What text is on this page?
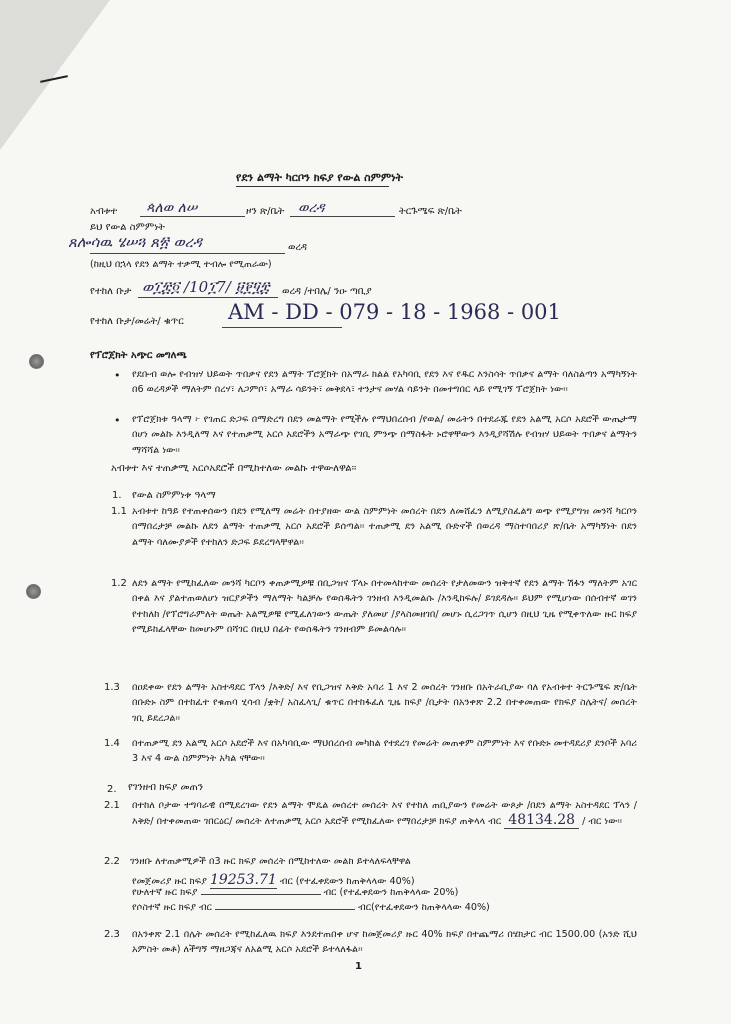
የደን ልማት ካርቦን ክፍያ የውል ስምምነት
አብቱተ ጳለወ ለሠ	ዞን ጽ/ቤት ወረዳ	ትርጉሜፍ ጽ/ቤት
ይህ የውል ስምምነት
ጸሎሳዉ ሄሠጓ ጸ፳ ወረዳ	ወረዳ
(ከዚህ በኋላ የደን ልማት ተቃሚ ተብሎ የሚጠራው)
የተከለ ቡታ ወ፲፰፬ /10፲7/ ፱፻፶፰ ወረዳ /ተበሌ/ ንዑ ጣቢያ
የተከለ ቡታ/መሬት/ ቁጥር AM - DD - 079 - 18 - 1968 - 001
የፕሮጀክት አጭር መግለጫ
• የደቡብ ወሎ የብዝሃ ህይወት ጥበቃና የደን ልማት ፕሮጀክት በአማራ ክልል የአካባቢ የደን እና የዱር እንስሳት ጥበቃና ልማት ባለስልጣን አማካኝነት በ6 ወረዳዎች ማለትም በረሃ፣ ለጋምቦ፣ አማራ ሳይንት፣ መቅደላ፣ ተንታና መሃል ሳይንት በመተግበር ላይ የሚገኝ ፕሮጀክት ነው፡፡
• የፕሮጀክቱ ዓላማ ፦ የገጠር ድጋፍ በማድረግ በደን መልማት የሚችሉ የማህበረሰብ /የወል/ መሬትን በተደራጁ የደን አልሚ አርሶ አደሮች ውጤታማ በሆነ መልኩ እንዲለማ እና የተጠቃሚ አርሶ አደሮችን አማራጭ የገቢ ምንጭ በማስፋት ኑሮዋቸውን እንዲያሻሽሉ የብዝሃ ህይወት ጥበቃና ልማትን ማሻሻል ነው፡፡
አብቱተ እና ተጠቃሚ አርሶአደሮች በሚከተለው መልኩ ተዋውለዋል፡፡
1. የውል ስምምነቱ ዓላማ
1.1 አብቱተ ከዓይ የተጠቀሰውን በደን የሚለማ መሬት በተያዘው ውል ስምምነት መሰረት በደን ለመሸፈን ለሚያስፈልግ ወጭ የሚያግዝ መንሻ ካርቦን በማበረታቻ መልኩ ለደን ልማት ተጠቃሚ አርሶ አደሮች ይሰጣል፡፡ ተጠቃሚ ደን አልሚ ቡድኖች በወረዳ ማስተባበሪያ ጽ/ቤት አማካኝነት በደን ልማት ባለሙያዎች የተከለን ድጋፍ ይደረግላቸዋል፡፡
1.2 ለደን ልማት የሚከፈለው መንሻ ካርቦን ቀጠቃሚዎቹ በቢጋዝና ፕላኑ በተመላከተው መሰረት የታለመውን ዝቅተኛ የደን ልማት ሽፋን ማለትም አገር በቀል እና ያልተጠወለሆነ ዝርያዎችን ማለማት ካልቻሉ የወሰዱትን ገንዘብ እንዲመልሱ /እንዲከፍሉ/ ይገደዳሉ፡፡ ይህም የሚሆነው በሰብተኛ ወገን የተከለከ /የፕሮግራምለት ወጤት አልሚዎቹ የሚፈለገውን ውጤት ያለመሆ /ያላስመዘገበ/ መሆኑ ሲረጋገጥ ሲሆን በዚህ ጊዜ የሚቀጥለው ዙር ክፍያ የሚይከፈላቸው ከመሆኑም በሻገር በዚህ በፊት የወሰዱትን ገንዘብም ይመልሳሉ፡፡
1.3 በዐደቀው የደን ልማት አስተዳደር ፕላን /እቅድ/ እና የቢጋዝና እቅድ አባሪ 1 እና 2 መሰረት ገንዘቡ በአትራቢያው ባለ የአብቱተ ትርጉሜፍ ጽ/ቤት በቡድኑ ስም በተከፈተ የቁጠባ ሂሳብ /ቋት/ አስፈላጊ/ ቁጥር በተከፋፈለ ጊዜ ክፍያ /ቢታት በአንቀጽ 2.2 በተቀመጠው የክፍያ ስሌትና/ መሰረት ገቢ ይደረጋል፡፡
1.4 በተጠቃሚ ደን አልሚ አርሶ አደሮች እና በአካባቢው ማህበረሰብ መካከል የተደረገ የመሬት መጠቀም ስምምነት እና የቡድኑ መተዳደሪያ ደንቦች አባሪ 3 እና 4 ውል ስምምነት አካል ናቸው፡፡
2. የገንዘብ ክፍያ መጠን
2.1 በተከለ ቦታው ተግባራዊ በሚደረገው የደን ልማት ሞዴል መሰረተ መሰረት እና የተከለ ጠቢያውን የመሬት ውጶታ /በደን ልማት አስተዳደር ፕላን /እቅድ/ በተቀመጠው ገበርዕር/ መሰረት ለተጠቃሚ አርሶ አደሮች የሚከፈለው የማበረታቻ ክፍያ ጠቅላላ ብር 48134.28 / ብር ነው፡፡
2.2 ገንዘቡ ለተጠቃሚዎች በ3 ዙር ክፍያ መሰረት በሚከተለው መልክ ይተላለፍላቸዋል
የመጀመሪያ ዙር ክፍያ 19253.71 ብር (የተፈቀደውን ከጠቅላላው 40%)
የሁለተኛ ዙር ክፍያ	ብር (የተፈቀደውን ከጠቅላላው 20%)
የሶስተኛ ዙር ክፍያ ብር	ብር(የተፈቀደውን ከጠቅላላው 40%)
2.3 በአንቀጽ 2.1 በሌት መሰረት የሚከፈለዉ ክፍያ እንደተጠበቀ ሆኖ ከመጀመሪያ ዙር 40% ክፍያ በተጨማሪ በሄክታር ብር 1500.00 (አንድ ሺህ አምስት መቶ) ለችግኝ ማዘጋጃና ለአልሚ አርሶ አደሮች ይተላለፋል፡፡
1
